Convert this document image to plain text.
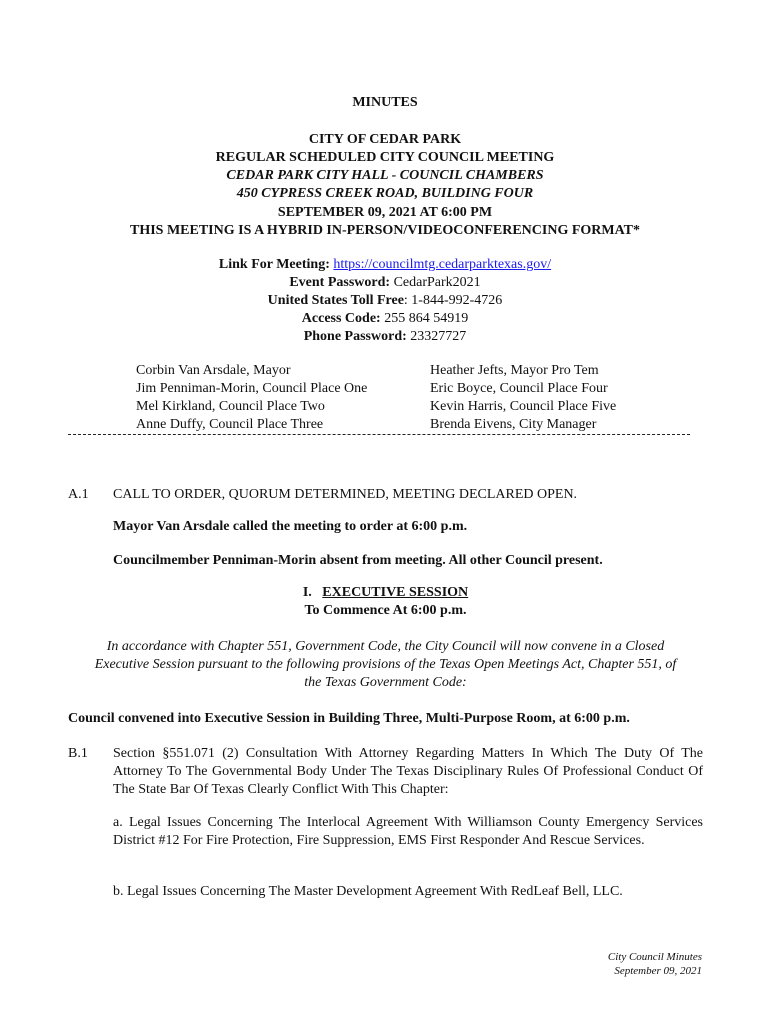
MINUTES
CITY OF CEDAR PARK
REGULAR SCHEDULED CITY COUNCIL MEETING
CEDAR PARK CITY HALL - COUNCIL CHAMBERS
450 CYPRESS CREEK ROAD, BUILDING FOUR
SEPTEMBER 09, 2021 AT 6:00 PM
THIS MEETING IS A HYBRID IN-PERSON/VIDEOCONFERENCING FORMAT*
Link For Meeting: https://councilmtg.cedarparktexas.gov/
Event Password: CedarPark2021
United States Toll Free: 1-844-992-4726
Access Code: 255 864 54919
Phone Password: 23327727
Corbin Van Arsdale, Mayor
Jim Penniman-Morin, Council Place One
Mel Kirkland, Council Place Two
Anne Duffy, Council Place Three
Heather Jefts, Mayor Pro Tem
Eric Boyce, Council Place Four
Kevin Harris, Council Place Five
Brenda Eivens, City Manager
A.1 CALL TO ORDER, QUORUM DETERMINED, MEETING DECLARED OPEN.
Mayor Van Arsdale called the meeting to order at 6:00 p.m.
Councilmember Penniman-Morin absent from meeting. All other Council present.
I. EXECUTIVE SESSION
To Commence At 6:00 p.m.
In accordance with Chapter 551, Government Code, the City Council will now convene in a Closed
Executive Session pursuant to the following provisions of the Texas Open Meetings Act, Chapter 551, of
the Texas Government Code:
Council convened into Executive Session in Building Three, Multi-Purpose Room, at 6:00 p.m.
B.1 Section §551.071 (2) Consultation With Attorney Regarding Matters In Which The Duty Of The Attorney To The Governmental Body Under The Texas Disciplinary Rules Of Professional Conduct Of The State Bar Of Texas Clearly Conflict With This Chapter:
a. Legal Issues Concerning The Interlocal Agreement With Williamson County Emergency Services District #12 For Fire Protection, Fire Suppression, EMS First Responder And Rescue Services.
b. Legal Issues Concerning The Master Development Agreement With RedLeaf Bell, LLC.
City Council Minutes
September 09, 2021
